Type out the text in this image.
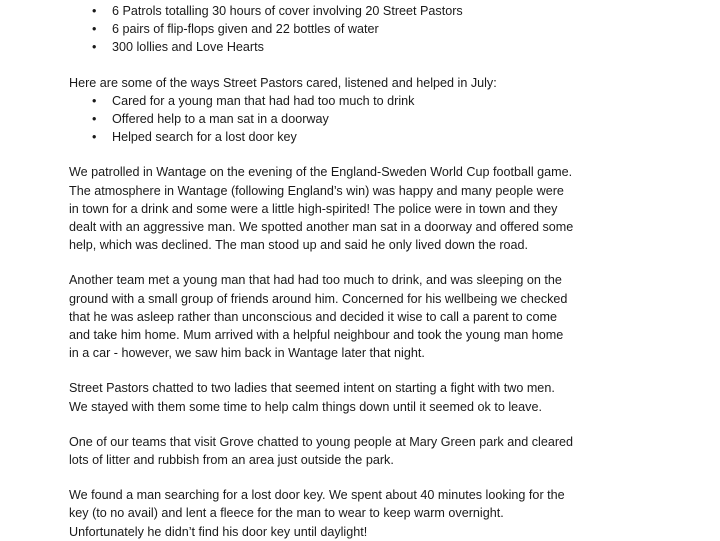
• 6 Patrols totalling 30 hours of cover involving 20 Street Pastors
• 6 pairs of flip-flops given and 22 bottles of water
• 300 lollies and Love Hearts

Here are some of the ways Street Pastors cared, listened and helped in July:

• Cared for a young man that had had too much to drink
• Offered help to a man sat in a doorway
• Helped search for a lost door key
We patrolled in Wantage on the evening of the England-Sweden World Cup football game.
The atmosphere in Wantage (following England’s win) was happy and many people were
in town for a drink and some were a little high-spirited! The police were in town and they
dealt with an aggressive man. We spotted another man sat in a doorway and offered some
help, which was declined. The man stood up and said he only lived down the road.
Another team met a young man that had had too much to drink, and was sleeping on the
ground with a small group of friends around him. Concerned for his wellbeing we checked
that he was asleep rather than unconscious and decided it wise to call a parent to come
and take him home. Mum arrived with a helpful neighbour and took the young man home
in a car - however, we saw him back in Wantage later that night.
Street Pastors chatted to two ladies that seemed intent on starting a fight with two men.
We stayed with them some time to help calm things down until it seemed ok to leave.
One of our teams that visit Grove chatted to young people at Mary Green park and cleared
lots of litter and rubbish from an area just outside the park.
We found a man searching for a lost door key. We spent about 40 minutes looking for the
key (to no avail) and lent a fleece for the man to wear to keep warm overnight.
Unfortunately he didn’t find his door key until daylight!
